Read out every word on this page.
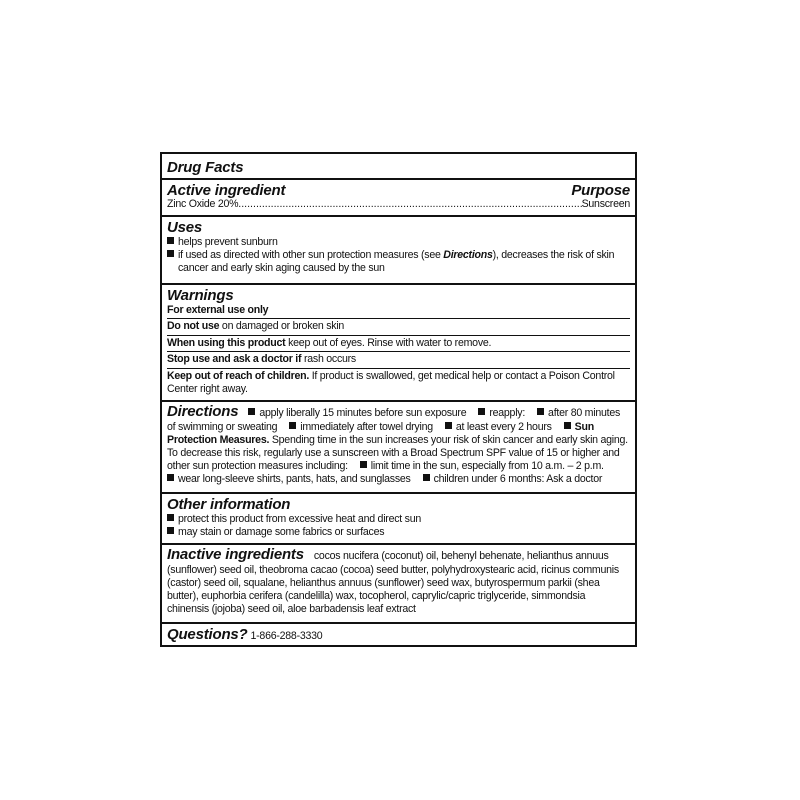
Drug Facts
Active ingredient	Purpose
Zinc Oxide 20%
.....	Sunscreen
Uses
helps prevent sunburn
if used as directed with other sun protection measures (see Directions), decreases the risk of skin
cancer and early skin aging caused by the sun
Warnings
For external use only
Do not use on damaged or broken skin
When using this product keep out of eyes. Rinse with water to remove.
Stop use and ask a doctor if rash occurs
Keep out of reach of children. If product is swallowed, get medical help or contact a Poison Control
Center right away.
Directions apply liberally 15 minutes before sun exposure reapply: after 80 minutes
of swimming or sweating immediately after towel drying at least every 2 hours Sun
Protection Measures. Spending time in the sun increases your risk of skin cancer and early skin aging.
To decrease this risk, regularly use a sunscreen with a Broad Spectrum SPF value of 15 or higher and
other sun protection measures including: limit time in the sun, especially from 10 a.m. – 2 p.m.
wear long-sleeve shirts, pants, hats, and sunglasses children under 6 months: Ask a doctor
Other information
protect this product from excessive heat and direct sun
may stain or damage some fabrics or surfaces
Inactive ingredients cocos nucifera (coconut) oil, behenyl behenate, helianthus annuus
(sunflower) seed oil, theobroma cacao (cocoa) seed butter, polyhydroxystearic acid, ricinus communis
(castor) seed oil, squalane, helianthus annuus (sunflower) seed wax, butyrospermum parkii (shea
butter), euphorbia cerifera (candelilla) wax, tocopherol, caprylic/capric triglyceride, simmondsia
chinensis (jojoba) seed oil, aloe barbadensis leaf extract
Questions? 1-866-288-3330
